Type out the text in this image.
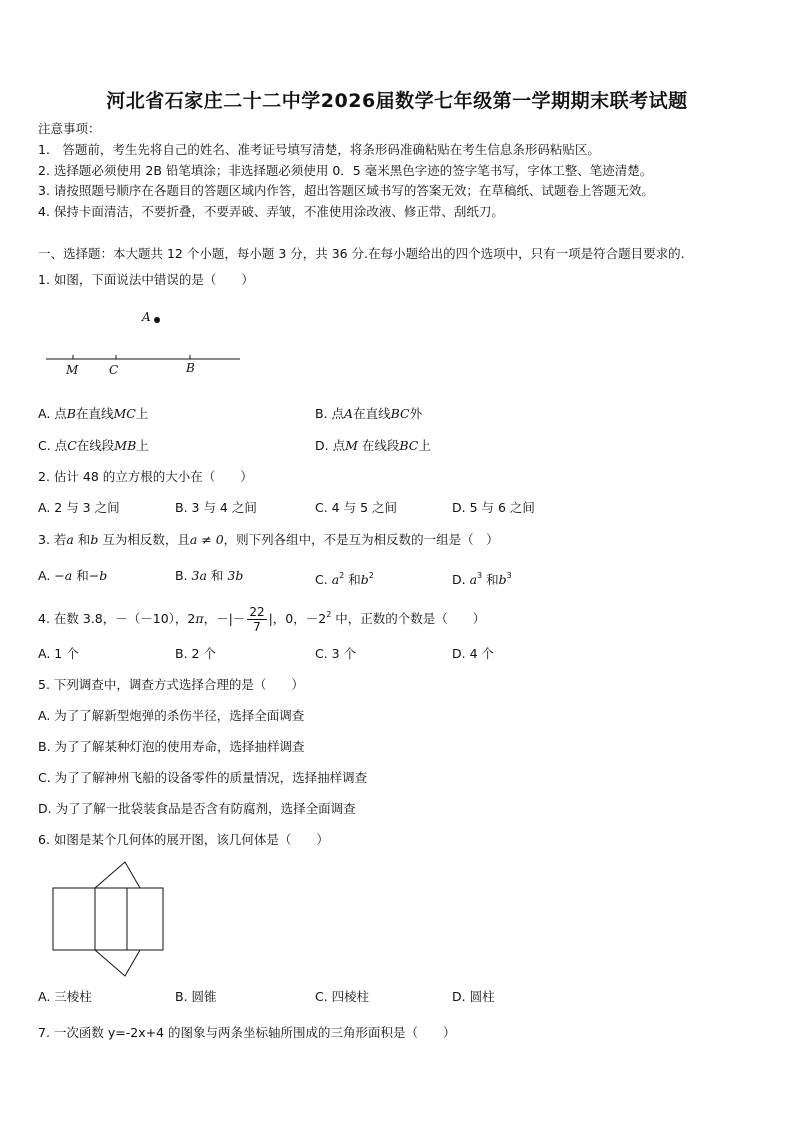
河北省石家庄二十二中学2026届数学七年级第一学期期末联考试题
注意事项：
1.　答题前，考生先将自己的姓名、准考证号填写清楚，将条形码准确粘贴在考生信息条形码粘贴区。
2. 选择题必须使用 2B 铅笔填涂；非选择题必须使用 0．5 毫米黑色字迹的签字笔书写，字体工整、笔迹清楚。
3. 请按照题号顺序在各题目的答题区域内作答，超出答题区域书写的答案无效；在草稿纸、试题卷上答题无效。
4. 保持卡面清洁，不要折叠，不要弄破、弄皱，不准使用涂改液、修正带、刮纸刀。
一、选择题：本大题共 12 个小题，每小题 3 分，共 36 分.在每小题给出的四个选项中，只有一项是符合题目要求的.
1. 如图，下面说法中错误的是（　　）
A
M	C	B
A. 点B在直线MC上	B. 点A在直线BC外
C. 点C在线段MB上	D. 点M 在线段BC上
2. 估计 48 的立方根的大小在（　　）
A. 2 与 3 之间	B. 3 与 4 之间	C. 4 与 5 之间	D. 5 与 6 之间
3. 若a 和b 互为相反数，且a ≠ 0，则下列各组中，不是互为相反数的一组是（　）
A. −a 和−b	B. 3a 和 3b	C. $a^2$ 和$b^2$	D. $a^3$ 和$b^3$
4. 在数 3.8，－（－10），2π，－|－ $\frac{22}{7}$ |，0，$-2^2$ 中，正数的个数是（　　）
A. 1 个	B. 2 个	C. 3 个	D. 4 个
5. 下列调查中，调查方式选择合理的是（　　）
A. 为了了解新型炮弹的杀伤半径，选择全面调查
B. 为了了解某种灯泡的使用寿命，选择抽样调查
C. 为了了解神州飞船的设备零件的质量情况，选择抽样调查
D. 为了了解一批袋装食品是否含有防腐剂，选择全面调查
6. 如图是某个几何体的展开图，该几何体是（　　）
A. 三棱柱	B. 圆锥	C. 四棱柱	D. 圆柱
7. 一次函数 y=-2x+4 的图象与两条坐标轴所围成的三角形面积是（　　）
